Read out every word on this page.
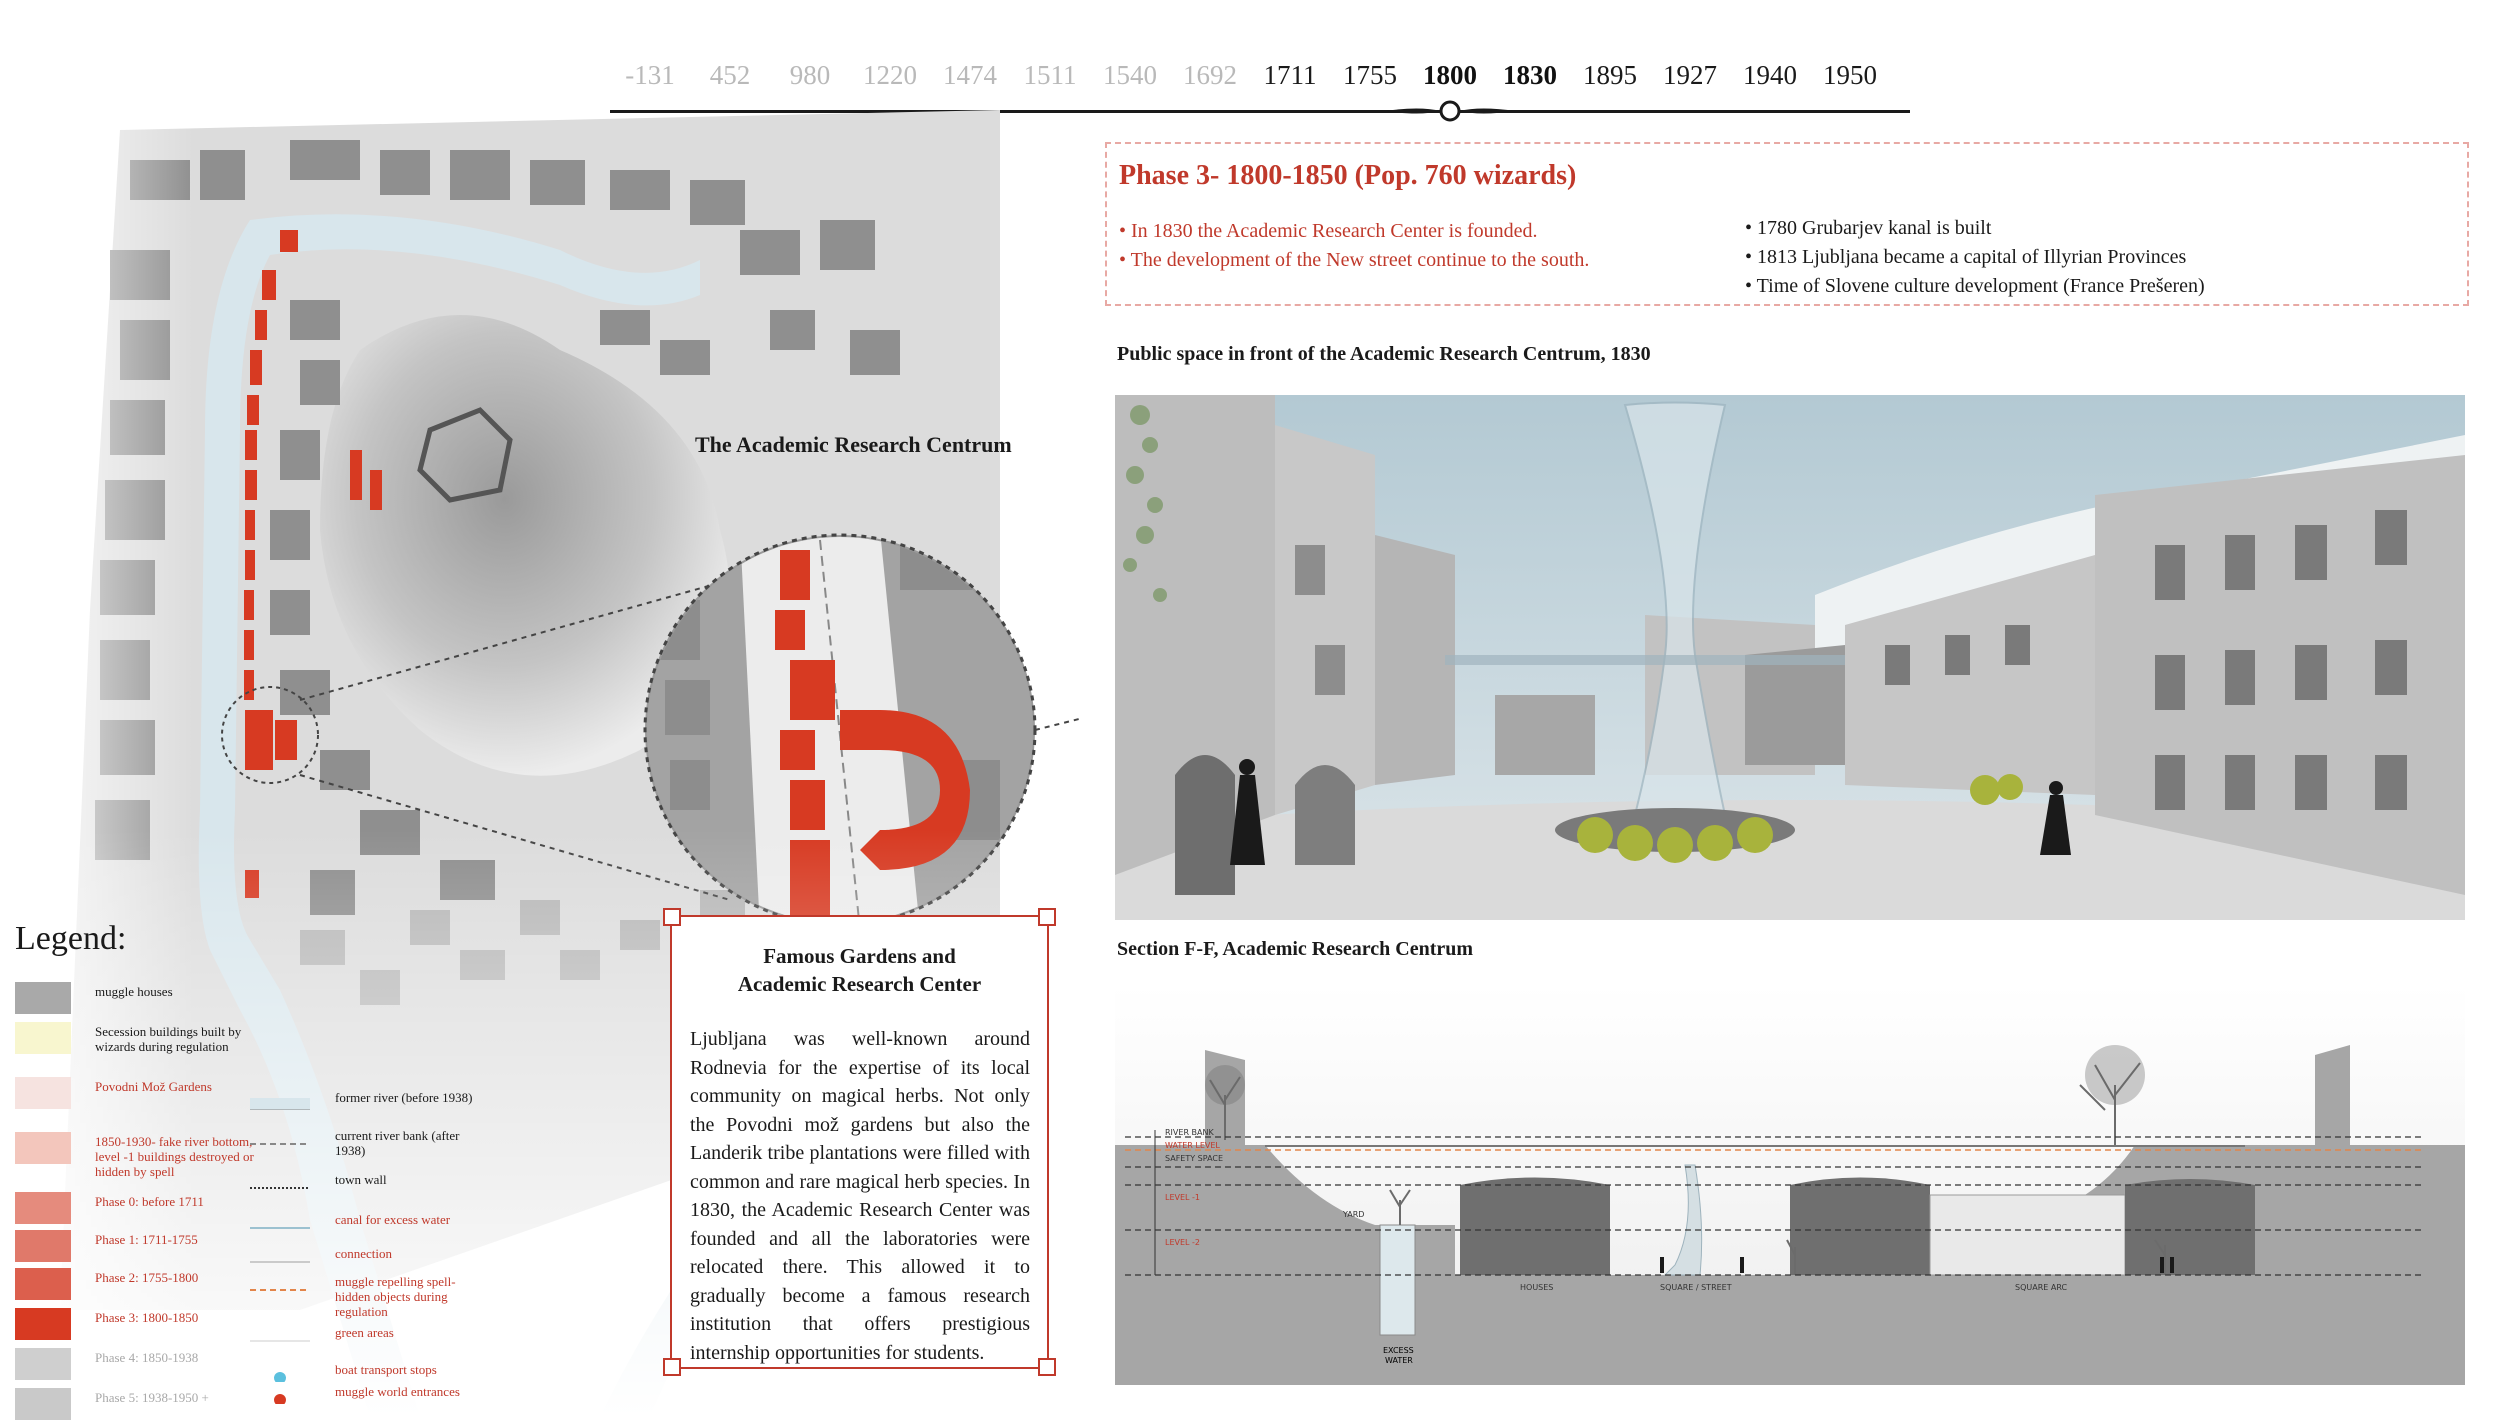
-131 452 980 1220 1474 1511 1540 1692 1711 1755 1800 1830 1895 1927 1940 1950
The Academic Research Centrum
Legend:
muggle houses
Secession buildings built by wizards during regulation
Povodni Mož Gardens
1850-1930- fake river bottom, level -1 buildings destroyed or hidden by spell
Phase 0: before 1711
Phase 1: 1711-1755
Phase 2: 1755-1800
Phase 3: 1800-1850
Phase 4: 1850-1938
Phase 5: 1938-1950 +
former river (before 1938)
current river bank (after 1938)
town wall
canal for excess water
connection
muggle repelling spell- hidden objects during regulation
green areas
boat transport stops
muggle world entrances
Famous Gardens and
Academic Research Center
Ljubljana was well-known around Rodnevia for the expertise of its local community on magical herbs. Not only the Povodni mož gardens but also the Landerik tribe plantations were filled with common and rare magical herb species. In 1830, the Academic Research Center was founded and all the laboratories were relocated there. This allowed it to gradually become a famous research institution that offers prestigious internship opportunities for students.
Phase 3- 1800-1850 (Pop. 760 wizards)
• In 1830 the Academic Research Center is founded.
• The development of the New street continue to the south.
• 1780 Grubarjev kanal is built
• 1813 Ljubljana became a capital of Illyrian Provinces
• Time of Slovene culture development (France Prešeren)
Public space in front of the Academic Research Centrum, 1830
Section F-F, Academic Research Centrum
EXCESS
WATER
RIVER BANK
WATER LEVEL
SAFETY SPACE
LEVEL -1
LEVEL -2
YARD
HOUSES	SQUARE / STREET	SQUARE ARC
